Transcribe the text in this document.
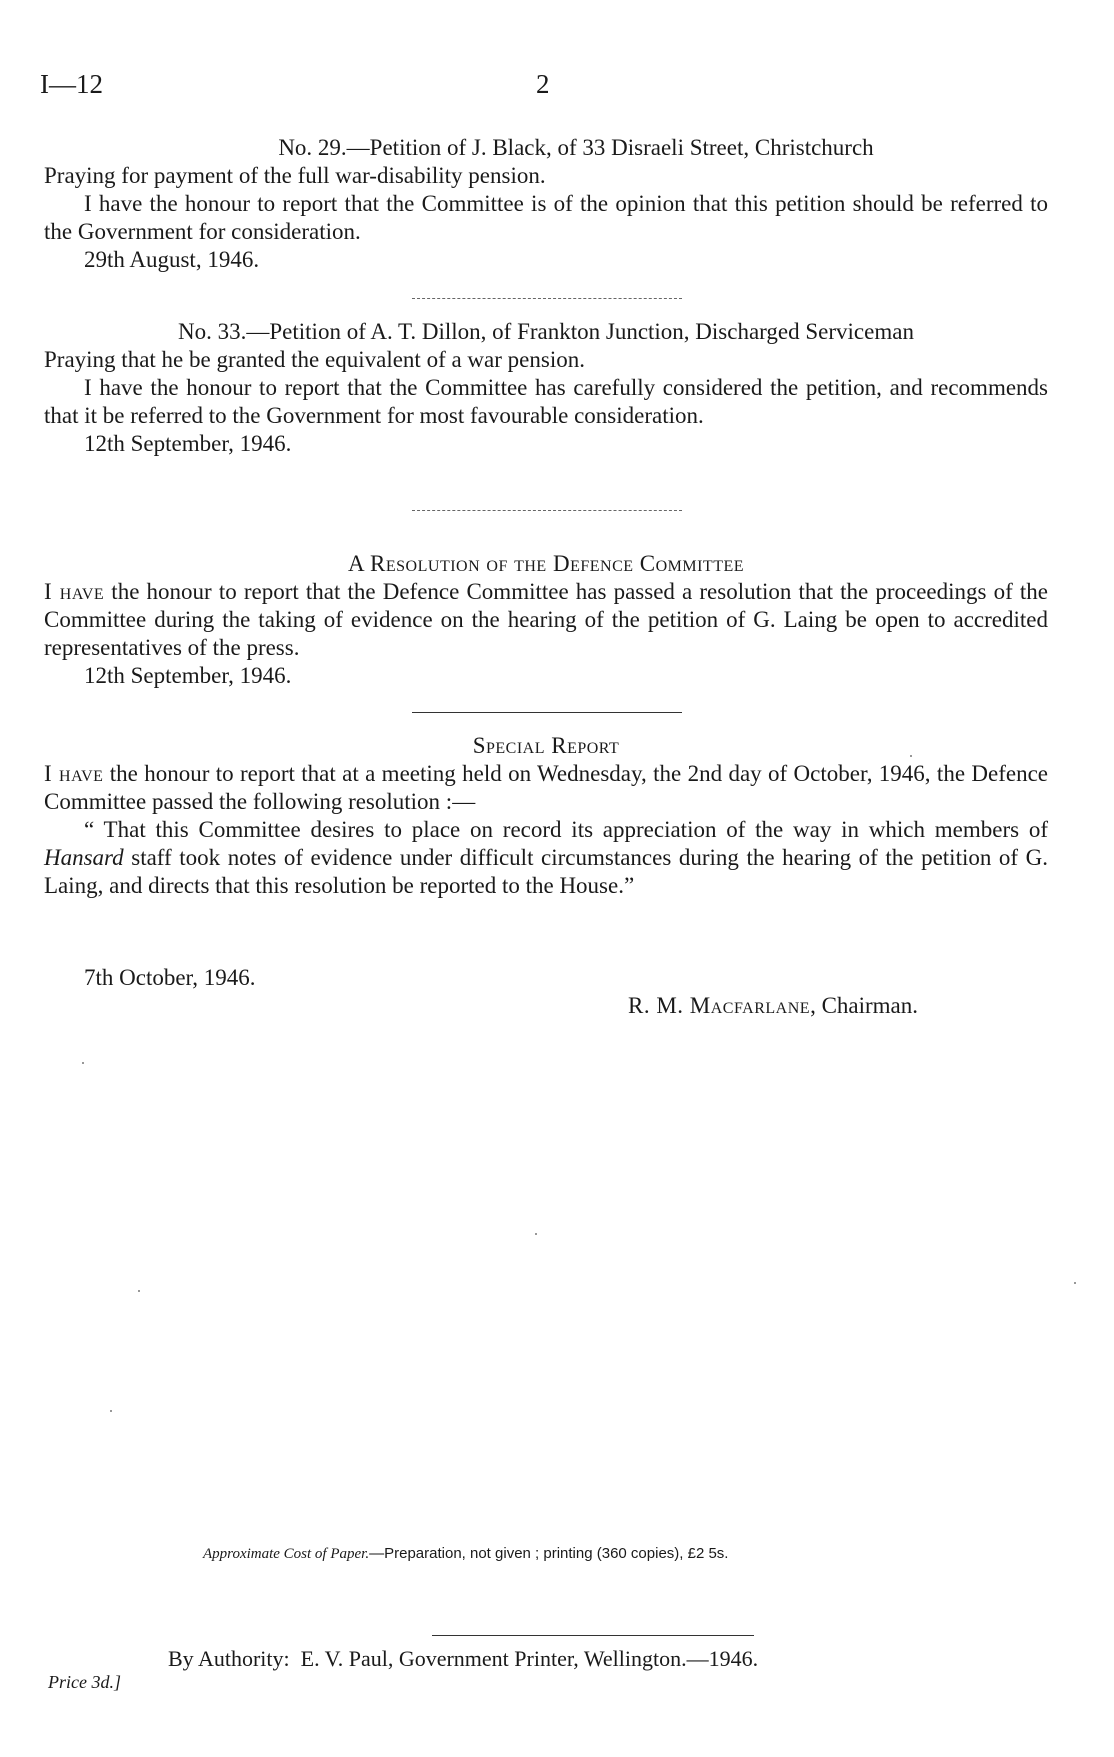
I—12	2

No. 29.—Petition of J. Black, of 33 Disraeli Street, Christchurch

Praying for payment of the full war-disability pension.

I have the honour to report that the Committee is of the opinion that this petition should be referred to the Government for consideration.

29th August, 1946.

No. 33.—Petition of A. T. Dillon, of Frankton Junction, Discharged Serviceman

Praying that he be granted the equivalent of a war pension.

I have the honour to report that the Committee has carefully considered the petition, and recommends that it be referred to the Government for most favourable consideration.

12th September, 1946.

A Resolution of the Defence Committee

I have the honour to report that the Defence Committee has passed a resolution that the proceedings of the Committee during the taking of evidence on the hearing of the petition of G. Laing be open to accredited representatives of the press.

12th September, 1946.

Special Report

I have the honour to report that at a meeting held on Wednesday, the 2nd day of October, 1946, the Defence Committee passed the following resolution :—

“ That this Committee desires to place on record its appreciation of the way in which members of Hansard staff took notes of evidence under difficult circumstances during the hearing of the petition of G. Laing, and directs that this resolution be reported to the House.”

7th October, 1946.
R. M. Macfarlane, Chairman.
Approximate Cost of Paper.—Preparation, not given ; printing (360 copies), £2 5s.
By Authority: E. V. Paul, Government Printer, Wellington.—1946.
Price 3d.]
